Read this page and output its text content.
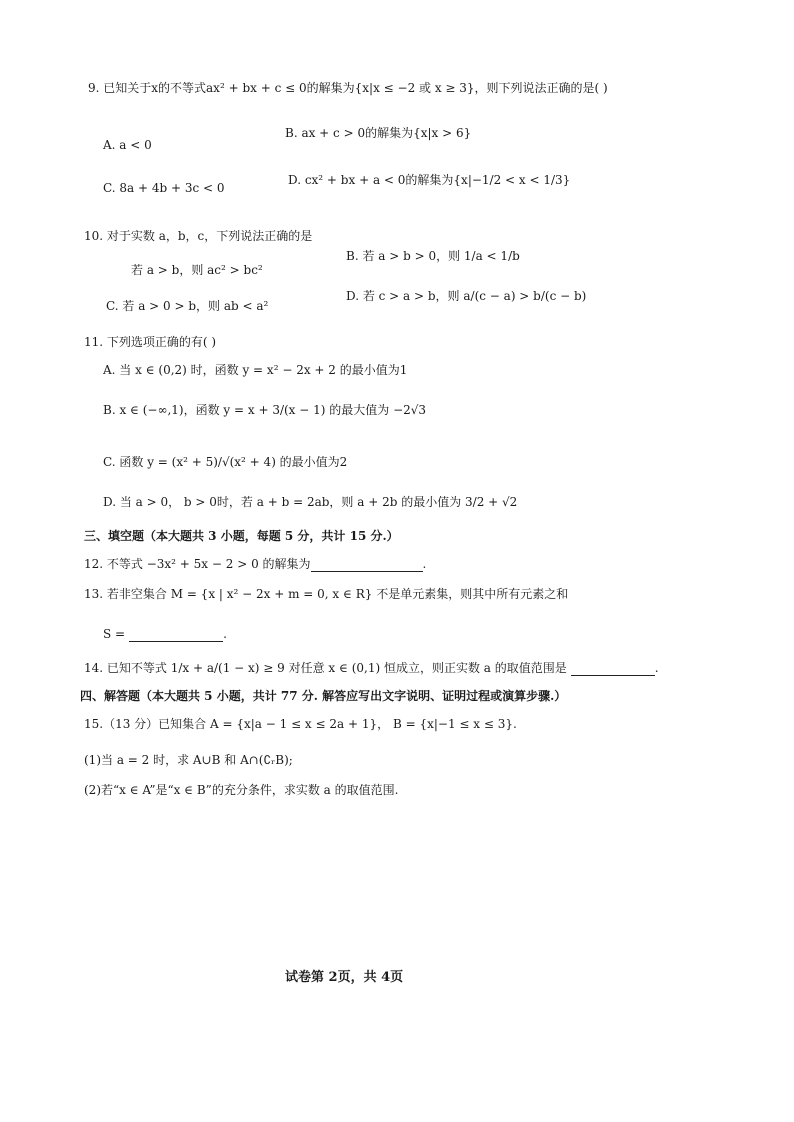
9. 已知关于x的不等式ax² + bx + c ≤ 0的解集为{x|x ≤ −2 或 x ≥ 3}，则下列说法正确的是( )
A. a < 0
B. ax + c > 0的解集为{x|x > 6}
C. 8a + 4b + 3c < 0
D. cx² + bx + a < 0的解集为{x|−1/2 < x < 1/3}
10. 对于实数 a，b，c，下列说法正确的是
若 a > b，则 ac² > bc²
B. 若 a > b > 0，则 1/a < 1/b
C. 若 a > 0 > b，则 ab < a²
D. 若 c > a > b，则 a/(c − a) > b/(c − b)
11. 下列选项正确的有( )
A. 当 x ∈ (0,2) 时，函数 y = x² − 2x + 2 的最小值为1
B. x ∈ (−∞,1)，函数 y = x + 3/(x − 1) 的最大值为 −2√3
C. 函数 y = (x² + 5)/√(x² + 4) 的最小值为2
D. 当 a > 0， b > 0时，若 a + b = 2ab，则 a + 2b 的最小值为 3/2 + √2
三、填空题（本大题共 3 小题，每题 5 分，共计 15 分.）
12. 不等式 −3x² + 5x − 2 > 0 的解集为	.
13. 若非空集合 M = {x | x² − 2x + m = 0, x ∈ R} 不是单元素集，则其中所有元素之和
S =	.
14. 已知不等式 1/x + a/(1 − x) ≥ 9 对任意 x ∈ (0,1) 恒成立，则正实数 a 的取值范围是	.
四、解答题（本大题共 5 小题，共计 77 分. 解答应写出文字说明、证明过程或演算步骤.）
15.（13 分）已知集合 A = {x|a − 1 ≤ x ≤ 2a + 1}， B = {x|−1 ≤ x ≤ 3}.
(1)当 a = 2 时，求 A∪B 和 A∩(∁ᵣB);
(2)若“x ∈ A”是“x ∈ B”的充分条件，求实数 a 的取值范围.
试卷第 2页，共 4页
